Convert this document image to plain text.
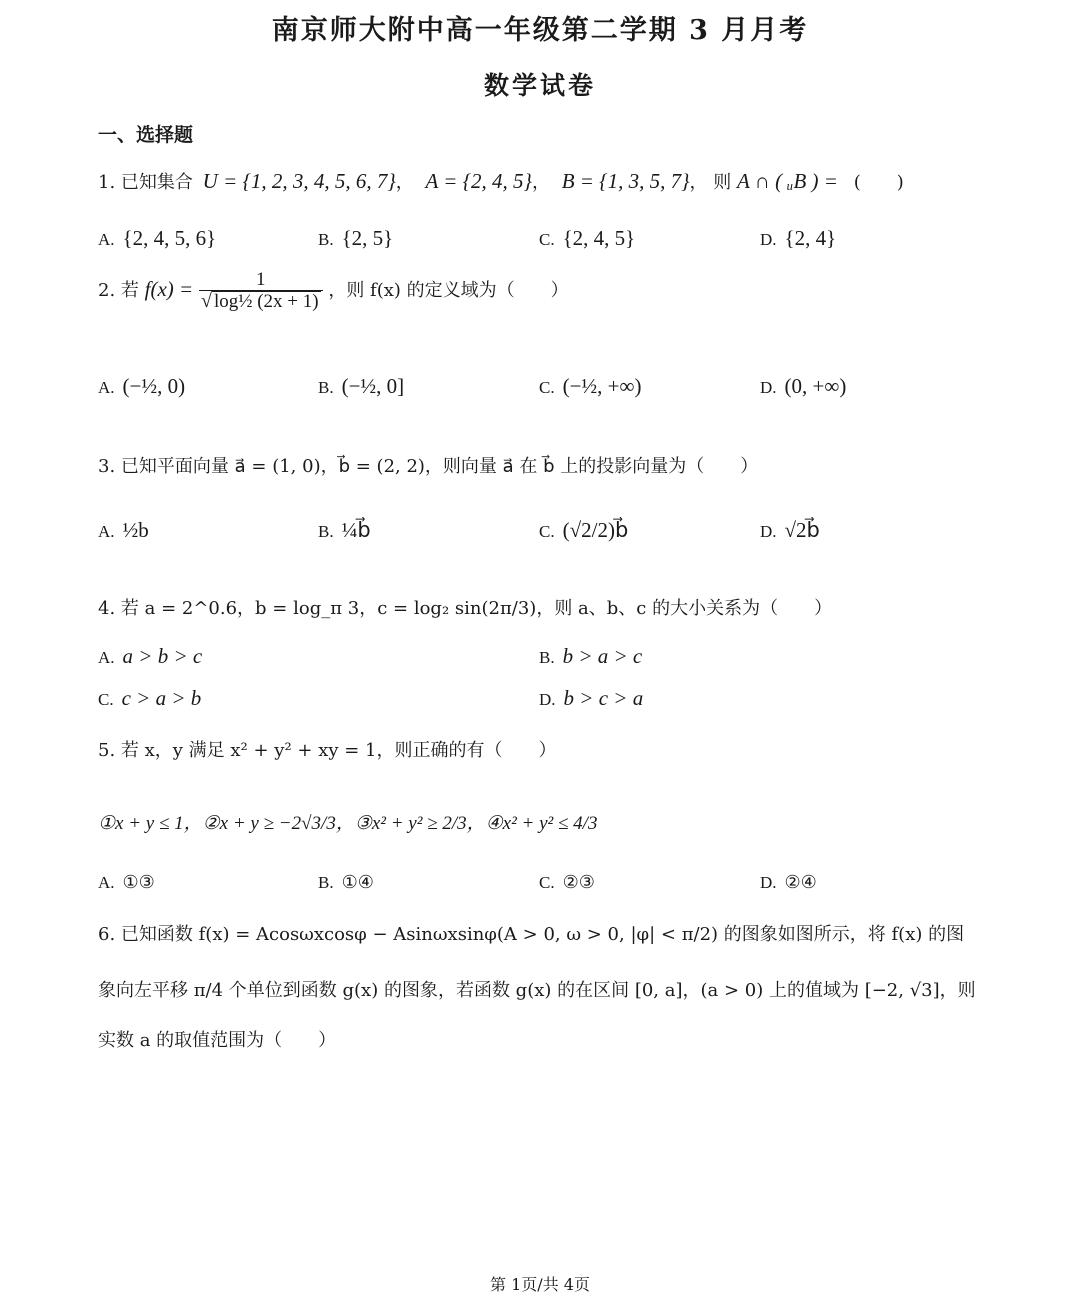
南京师大附中高一年级第二学期 3 月月考
数学试卷
一、选择题
1. 已知集合 U = {1, 2, 3, 4, 5, 6, 7}， A = {2, 4, 5}， B = {1, 3, 5, 7}， 则 A ∩ ( ᵤB ) = (　　)
A. {2, 4, 5, 6}	B. {2, 5}	C. {2, 4, 5}	D. {2, 4}
2. 若 $f(x) = \frac{1}{\text{√ log½ (2x + 1)}}$ ，则 f(x) 的定义域为（　　）
A. (−½, 0)	B. (−½, 0]	C. (−½, +∞)	D. (0, +∞)
3. 已知平面向量 a⃗ = (1, 0)，b⃗ = (2, 2)，则向量 a⃗ 在 b⃗ 上的投影向量为（　　）
A. ½b	B. ¼b⃗	C. (√2/2)b⃗	D. √2b⃗
4. 若 a = 2^0.6，b = log_π 3，c = log₂ sin(2π/3)，则 a、b、c 的大小关系为（　　）
A. a > b > c	B. b > a > c
C. c > a > b	D. b > c > a
5. 若 x，y 满足 x² + y² + xy = 1，则正确的有（　　）
①x + y ≤ 1，②x + y ≥ −2√3/3，③x² + y² ≥ 2/3，④x² + y² ≤ 4/3
A. ①③	B. ①④	C. ②③	D. ②④
6. 已知函数 f(x) = Acosωxcosφ − Asinωxsinφ(A > 0, ω > 0, |φ| < π/2) 的图象如图所示，将 f(x) 的图
象向左平移 π/4 个单位到函数 g(x) 的图象，若函数 g(x) 的在区间 [0, a]，(a > 0) 上的值域为 [−2, √3]，则
实数 a 的取值范围为（　　）
第 1页/共 4页
